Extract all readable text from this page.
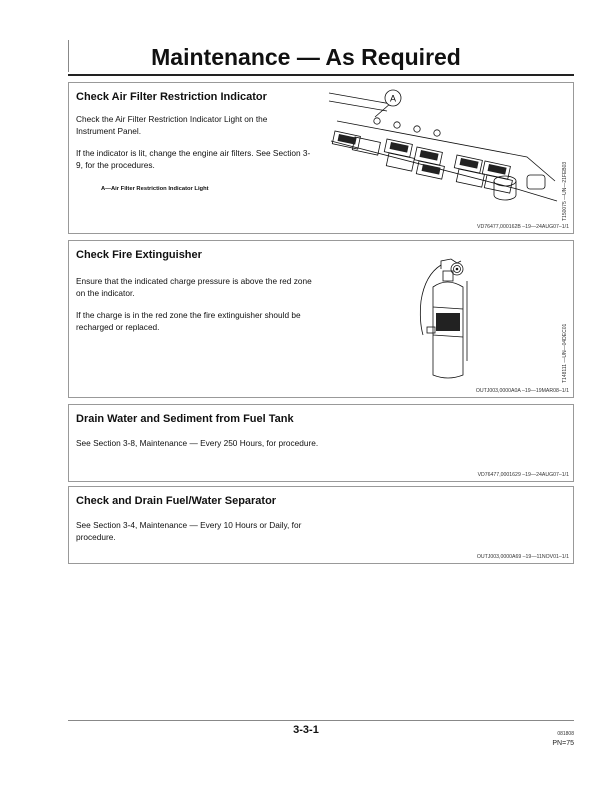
Maintenance — As Required
Check Air Filter Restriction Indicator

Check the Air Filter Restriction Indicator Light on the Instrument Panel.

If the indicator is lit, change the engine air filters. See Section 3-9, for the procedures.

A—Air Filter Restriction Indicator Light
A
T150075 —UN—21FEB03
VD76477,000162B –19—24AUG07–1/1
Check Fire Extinguisher

Ensure that the indicated charge pressure is above the red zone on the indicator.

If the charge is in the red zone the fire extinguisher should be recharged or replaced.	T148111 —UN—04DEC01
OUTJ003,0000A0A –19—19MAR08–1/1
Drain Water and Sediment from Fuel Tank

See Section 3-8, Maintenance — Every 250 Hours, for procedure.

VD76477,0001629 –19—24AUG07–1/1
Check and Drain Fuel/Water Separator

See Section 3-4, Maintenance — Every 10 Hours or Daily, for procedure.

OUTJ003,0000A69 –19—11NOV01–1/1
3-3-1	081808
PN=75
